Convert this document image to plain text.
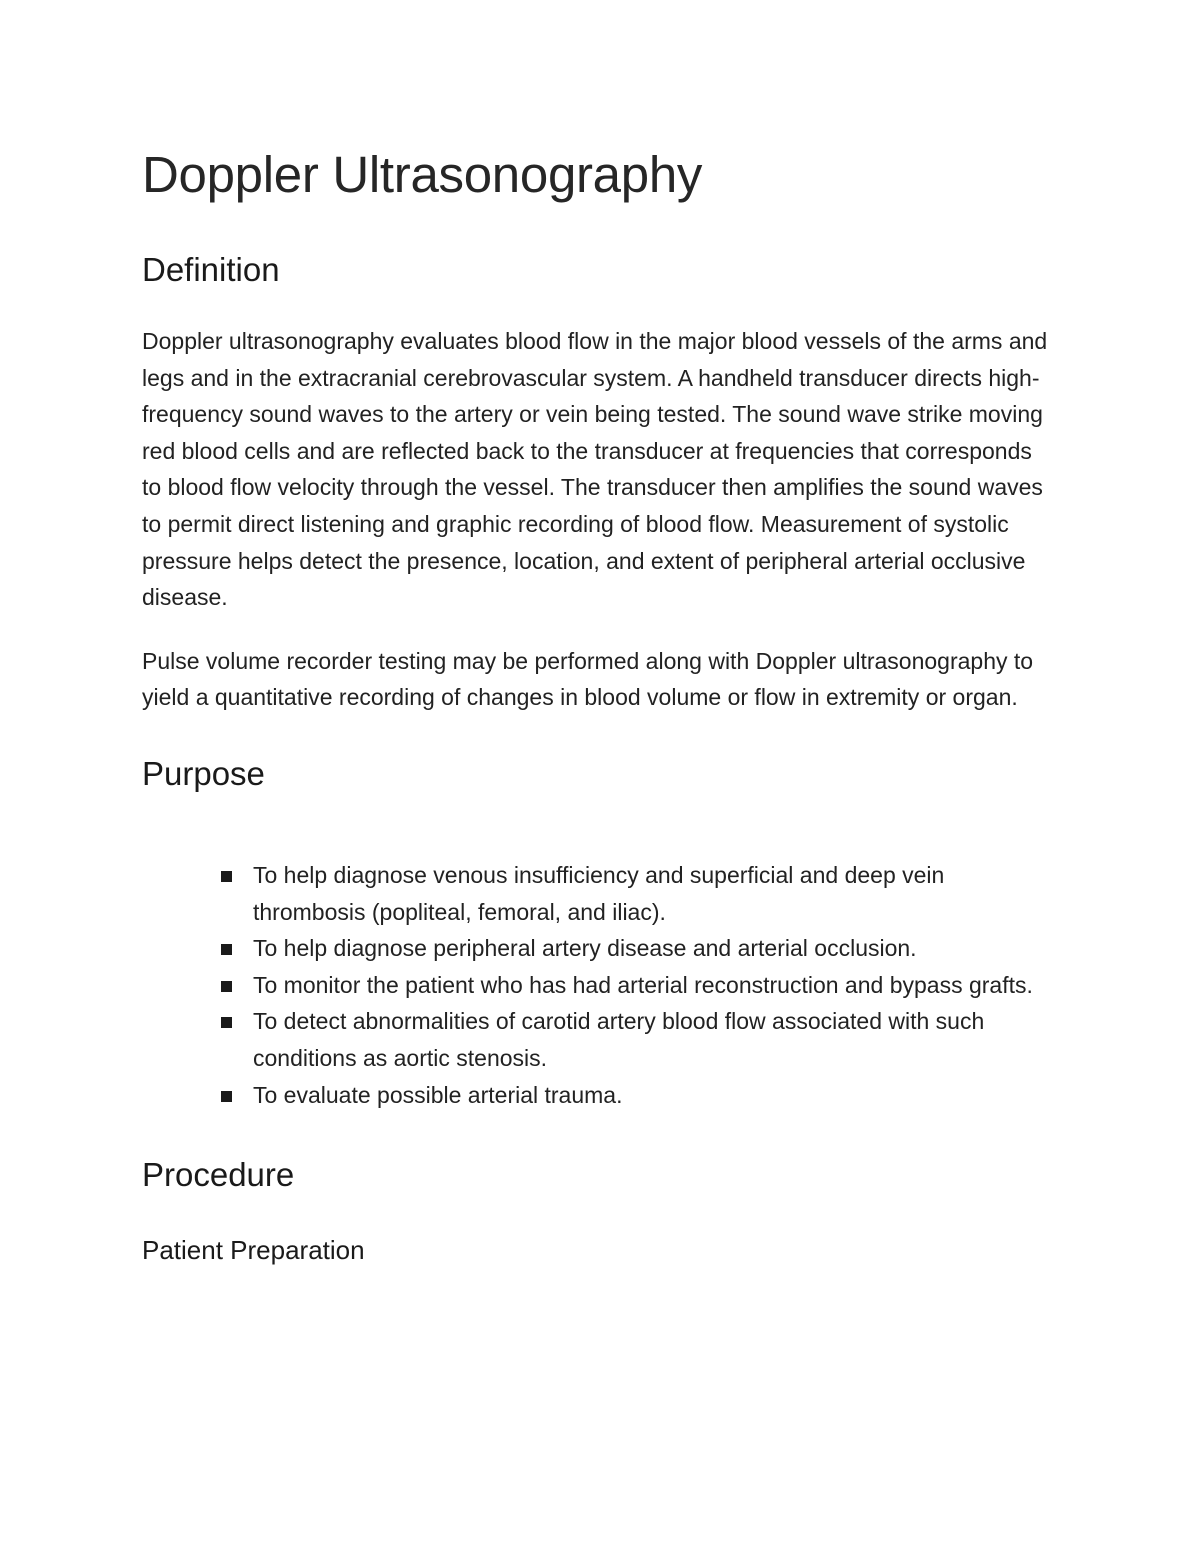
Doppler Ultrasonography
Definition

Doppler ultrasonography evaluates blood flow in the major blood vessels of the arms and legs and in the extracranial cerebrovascular system. A handheld transducer directs high- frequency sound waves to the artery or vein being tested. The sound wave strike moving red blood cells and are reflected back to the transducer at frequencies that corresponds to blood flow velocity through the vessel. The transducer then amplifies the sound waves to permit direct listening and graphic recording of blood flow. Measurement of systolic pressure helps detect the presence, location, and extent of peripheral arterial occlusive disease.

Pulse volume recorder testing may be performed along with Doppler ultrasonography to yield a quantitative recording of changes in blood volume or flow in extremity or organ.

Purpose
To help diagnose venous insufficiency and superficial and deep vein thrombosis (popliteal, femoral, and iliac).
To help diagnose peripheral artery disease and arterial occlusion.
To monitor the patient who has had arterial reconstruction and bypass grafts.
To detect abnormalities of carotid artery blood flow associated with such conditions as aortic stenosis.
To evaluate possible arterial trauma.
Procedure
Patient Preparation
